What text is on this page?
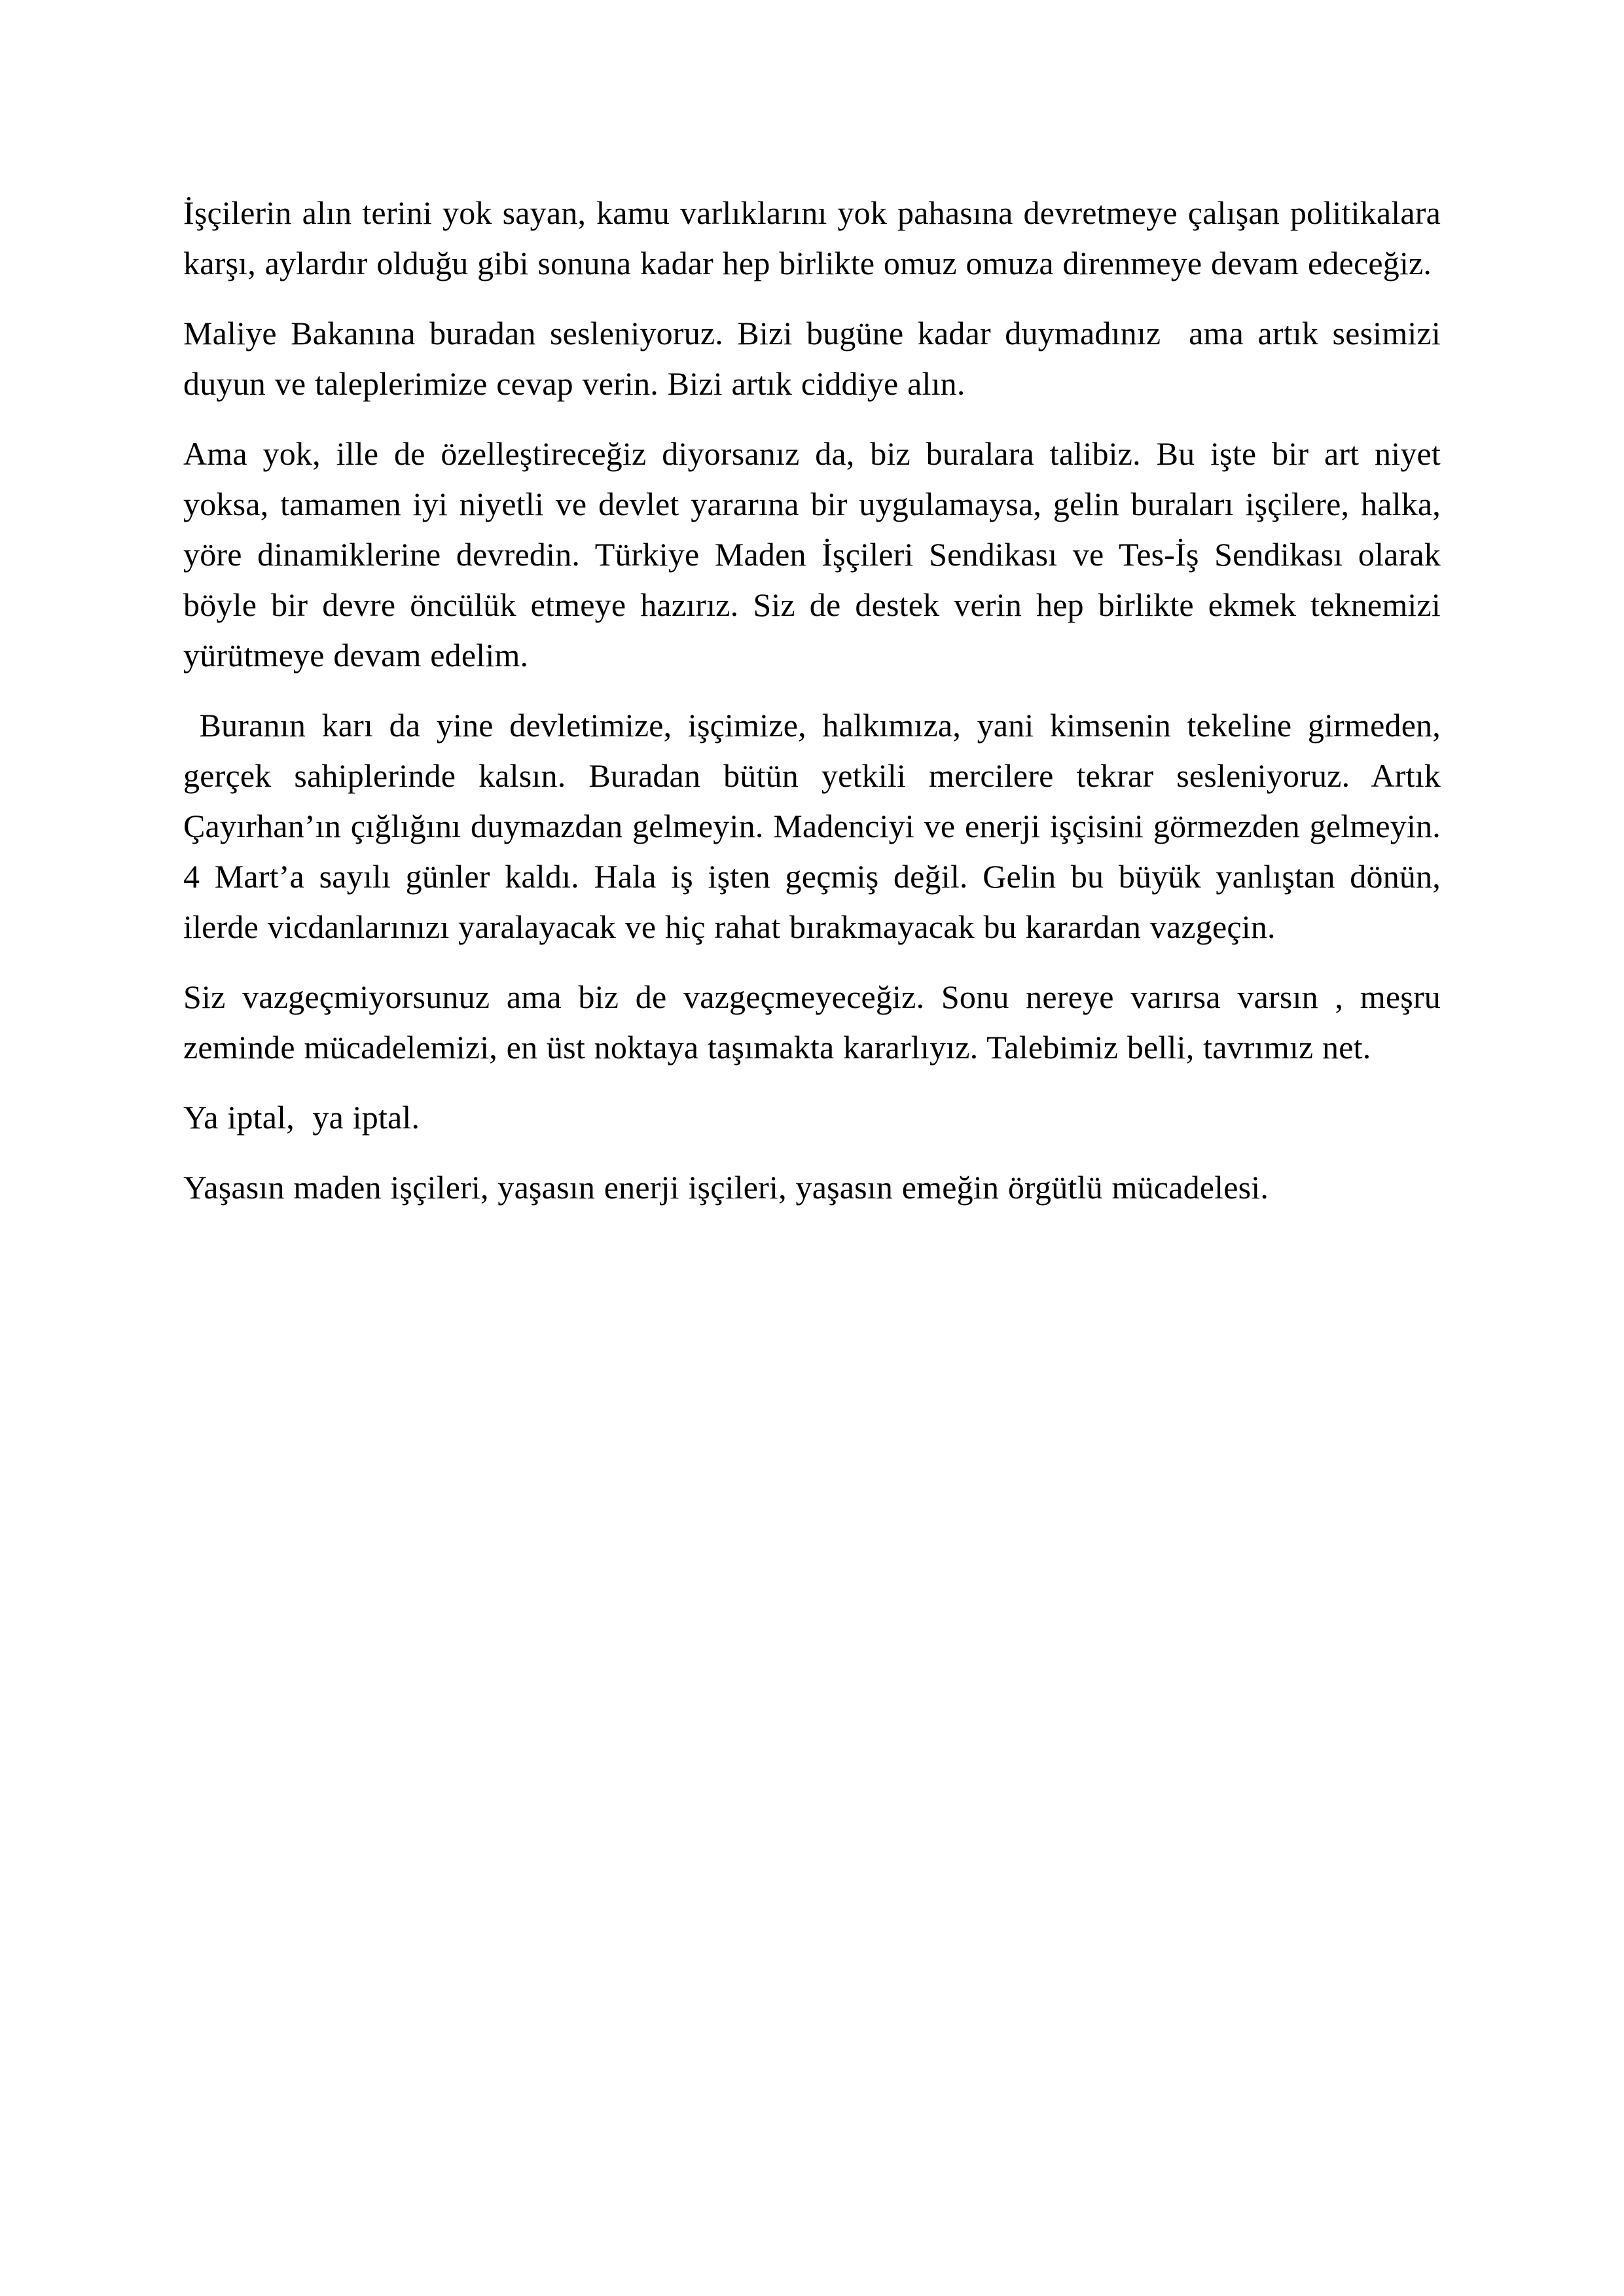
İşçilerin alın terini yok sayan, kamu varlıklarını yok pahasına devretmeye çalışan politikalara karşı, aylardır olduğu gibi sonuna kadar hep birlikte omuz omuza direnmeye devam edeceğiz.

Maliye Bakanına buradan sesleniyoruz. Bizi bugüne kadar duymadınız  ama artık sesimizi duyun ve taleplerimize cevap verin. Bizi artık ciddiye alın.

Ama yok, ille de özelleştireceğiz diyorsanız da, biz buralara talibiz. Bu işte bir art niyet yoksa, tamamen iyi niyetli ve devlet yararına bir uygulamaysa, gelin buraları işçilere, halka, yöre dinamiklerine devredin. Türkiye Maden İşçileri Sendikası ve Tes-İş Sendikası olarak böyle bir devre öncülük etmeye hazırız. Siz de destek verin hep birlikte ekmek teknemizi yürütmeye devam edelim.

Buranın karı da yine devletimize, işçimize, halkımıza, yani kimsenin tekeline girmeden, gerçek sahiplerinde kalsın. Buradan bütün yetkili mercilere tekrar sesleniyoruz. Artık Çayırhan’ın çığlığını duymazdan gelmeyin. Madenciyi ve enerji işçisini görmezden gelmeyin. 4 Mart’a sayılı günler kaldı. Hala iş işten geçmiş değil. Gelin bu büyük yanlıştan dönün, ilerde vicdanlarınızı yaralayacak ve hiç rahat bırakmayacak bu karardan vazgeçin.

Siz vazgeçmiyorsunuz ama biz de vazgeçmeyeceğiz. Sonu nereye varırsa varsın , meşru zeminde mücadelemizi, en üst noktaya taşımakta kararlıyız. Talebimiz belli, tavrımız net.

Ya iptal,  ya iptal.

Yaşasın maden işçileri, yaşasın enerji işçileri, yaşasın emeğin örgütlü mücadelesi.
